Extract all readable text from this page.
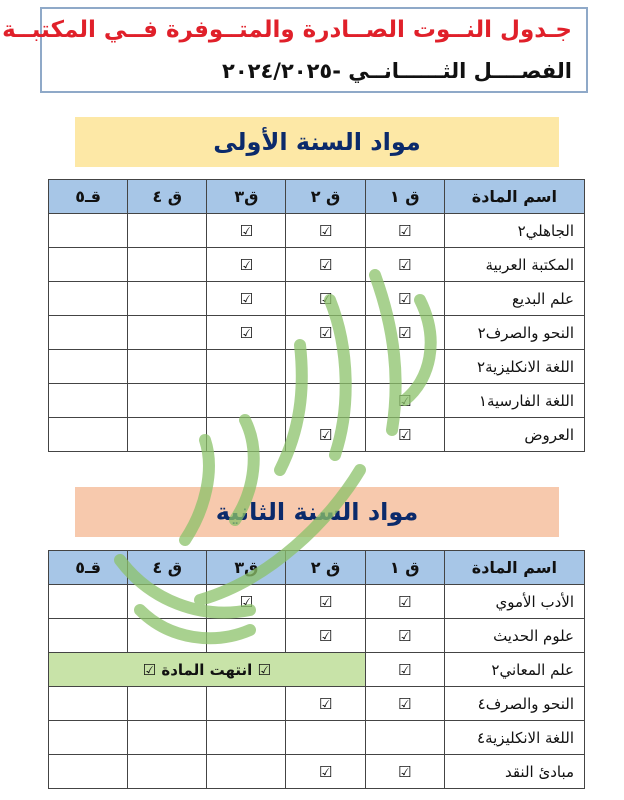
جـدول النــوت الصــادرة والمتــوفرة فــي المكتبــة
الفصــــل الثــــــانــي -٢٠٢٤/٢٠٢٥
مواد السنة الأولى
اسم المادة	ق ١	ق ٢	ق٣	ق ٤	قـ٥
الجاهلي٢	☑	☑	☑		
المكتبة العربية	☑	☑	☑		
علم البديع	☑	☑	☑		
النحو والصرف٢	☑	☑	☑		
اللغة الانكليزية٢					
اللغة الفارسية١	☑				
العروض	☑	☑			
مواد السنة الثانية
اسم المادة	ق ١	ق ٢	ق٣	ق ٤	قـ٥
الأدب الأموي	☑	☑	☑		
علوم الحديث	☑	☑			
علم المعاني٢	☑	☑ انتهت المادة ☑			
النحو والصرف٤	☑	☑			
اللغة الانكليزية٤					
مبادئ النقد	☑	☑			
